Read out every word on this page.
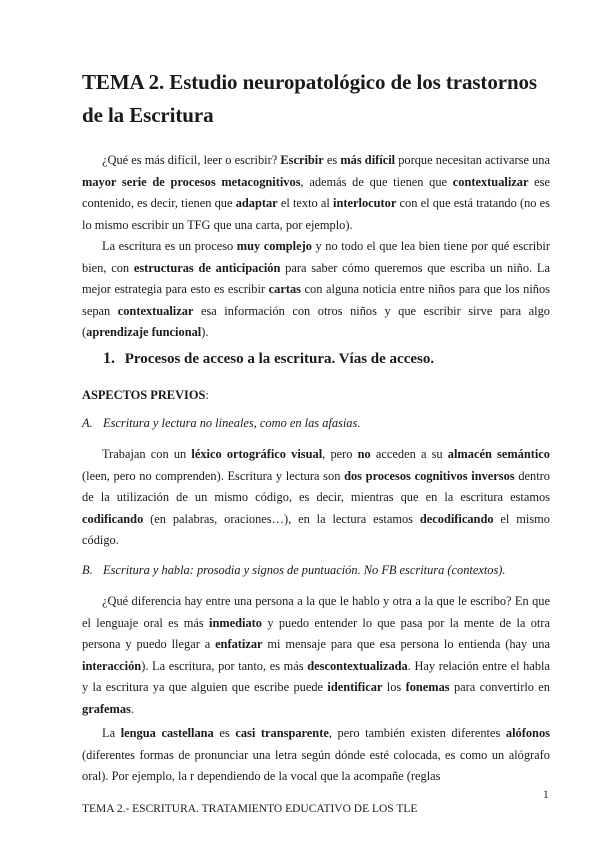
TEMA 2. Estudio neuropatológico de los trastornos de la Escritura
¿Qué es más difícil, leer o escribir? Escribir es más difícil porque necesitan activarse una mayor serie de procesos metacognitivos, además de que tienen que contextualizar ese contenido, es decir, tienen que adaptar el texto al interlocutor con el que está tratando (no es lo mismo escribir un TFG que una carta, por ejemplo).
La escritura es un proceso muy complejo y no todo el que lea bien tiene por qué escribir bien, con estructuras de anticipación para saber cómo queremos que escriba un niño. La mejor estrategia para esto es escribir cartas con alguna noticia entre niños para que los niños sepan contextualizar esa información con otros niños y que escribir sirve para algo (aprendizaje funcional).
1. Procesos de acceso a la escritura. Vías de acceso.
ASPECTOS PREVIOS:
A. Escritura y lectura no lineales, como en las afasias.
Trabajan con un léxico ortográfico visual, pero no acceden a su almacén semántico (leen, pero no comprenden). Escritura y lectura son dos procesos cognitivos inversos dentro de la utilización de un mismo código, es decir, mientras que en la escritura estamos codificando (en palabras, oraciones…), en la lectura estamos decodificando el mismo código.
B. Escritura y habla: prosodia y signos de puntuación. No FB escritura (contextos).
¿Qué diferencia hay entre una persona a la que le hablo y otra a la que le escribo? En que el lenguaje oral es más inmediato y puedo entender lo que pasa por la mente de la otra persona y puedo llegar a enfatizar mi mensaje para que esa persona lo entienda (hay una interacción). La escritura, por tanto, es más descontextualizada. Hay relación entre el habla y la escritura ya que alguien que escribe puede identificar los fonemas para convertirlo en grafemas.
La lengua castellana es casi transparente, pero también existen diferentes alófonos (diferentes formas de pronunciar una letra según dónde esté colocada, es como un alógrafo oral). Por ejemplo, la r dependiendo de la vocal que la acompañe (reglas
1
TEMA 2.- ESCRITURA. TRATAMIENTO EDUCATIVO DE LOS TLE
